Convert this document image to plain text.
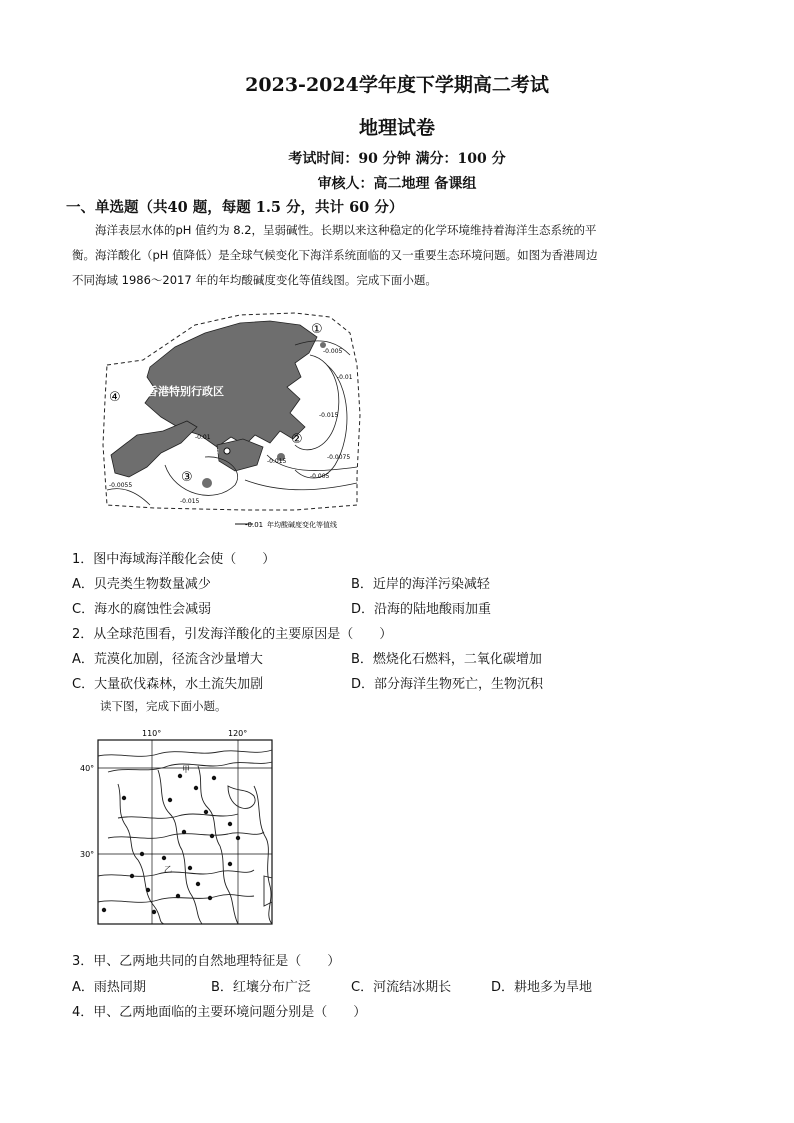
2023-2024学年度下学期高二考试
地理试卷
考试时间：90 分钟 满分：100 分
审核人：高二地理 备课组
一、单选题（共40 题，每题 1.5 分，共计 60 分）

海洋表层水体的pH 值约为 8.2，呈弱碱性。长期以来这种稳定的化学环境维持着海洋生态系统的平

衡。海洋酸化（pH 值降低）是全球气候变化下海洋系统面临的又一重要生态环境问题。如图为香港周边

不同海域 1986～2017 年的年均酸碱度变化等值线图。完成下面小题。

香港特别行政区
香港
①
②
③
④
-0.005
-0.01
-0.015
-0.0075
-0.005
-0.01
-0.015
-0.0055
-0.015
-0.01 年均酸碱度变化等值线
1．图中海域海洋酸化会使（　　）
A．贝壳类生物数量减少	B．近岸的海洋污染减轻
C．海水的腐蚀性会减弱	D．沿海的陆地酸雨加重
2．从全球范围看，引发海洋酸化的主要原因是（　　）
A．荒漠化加剧，径流含沙量增大	B．燃烧化石燃料，二氧化碳增加
C．大量砍伐森林，水土流失加剧	D．部分海洋生物死亡，生物沉积
读下图，完成下面小题。
110°	120°
40°
30°
甲
乙
3．甲、乙两地共同的自然地理特征是（　　）
A．雨热同期	B．红壤分布广泛	C．河流结冰期长	D．耕地多为旱地
4．甲、乙两地面临的主要环境问题分别是（　　）
